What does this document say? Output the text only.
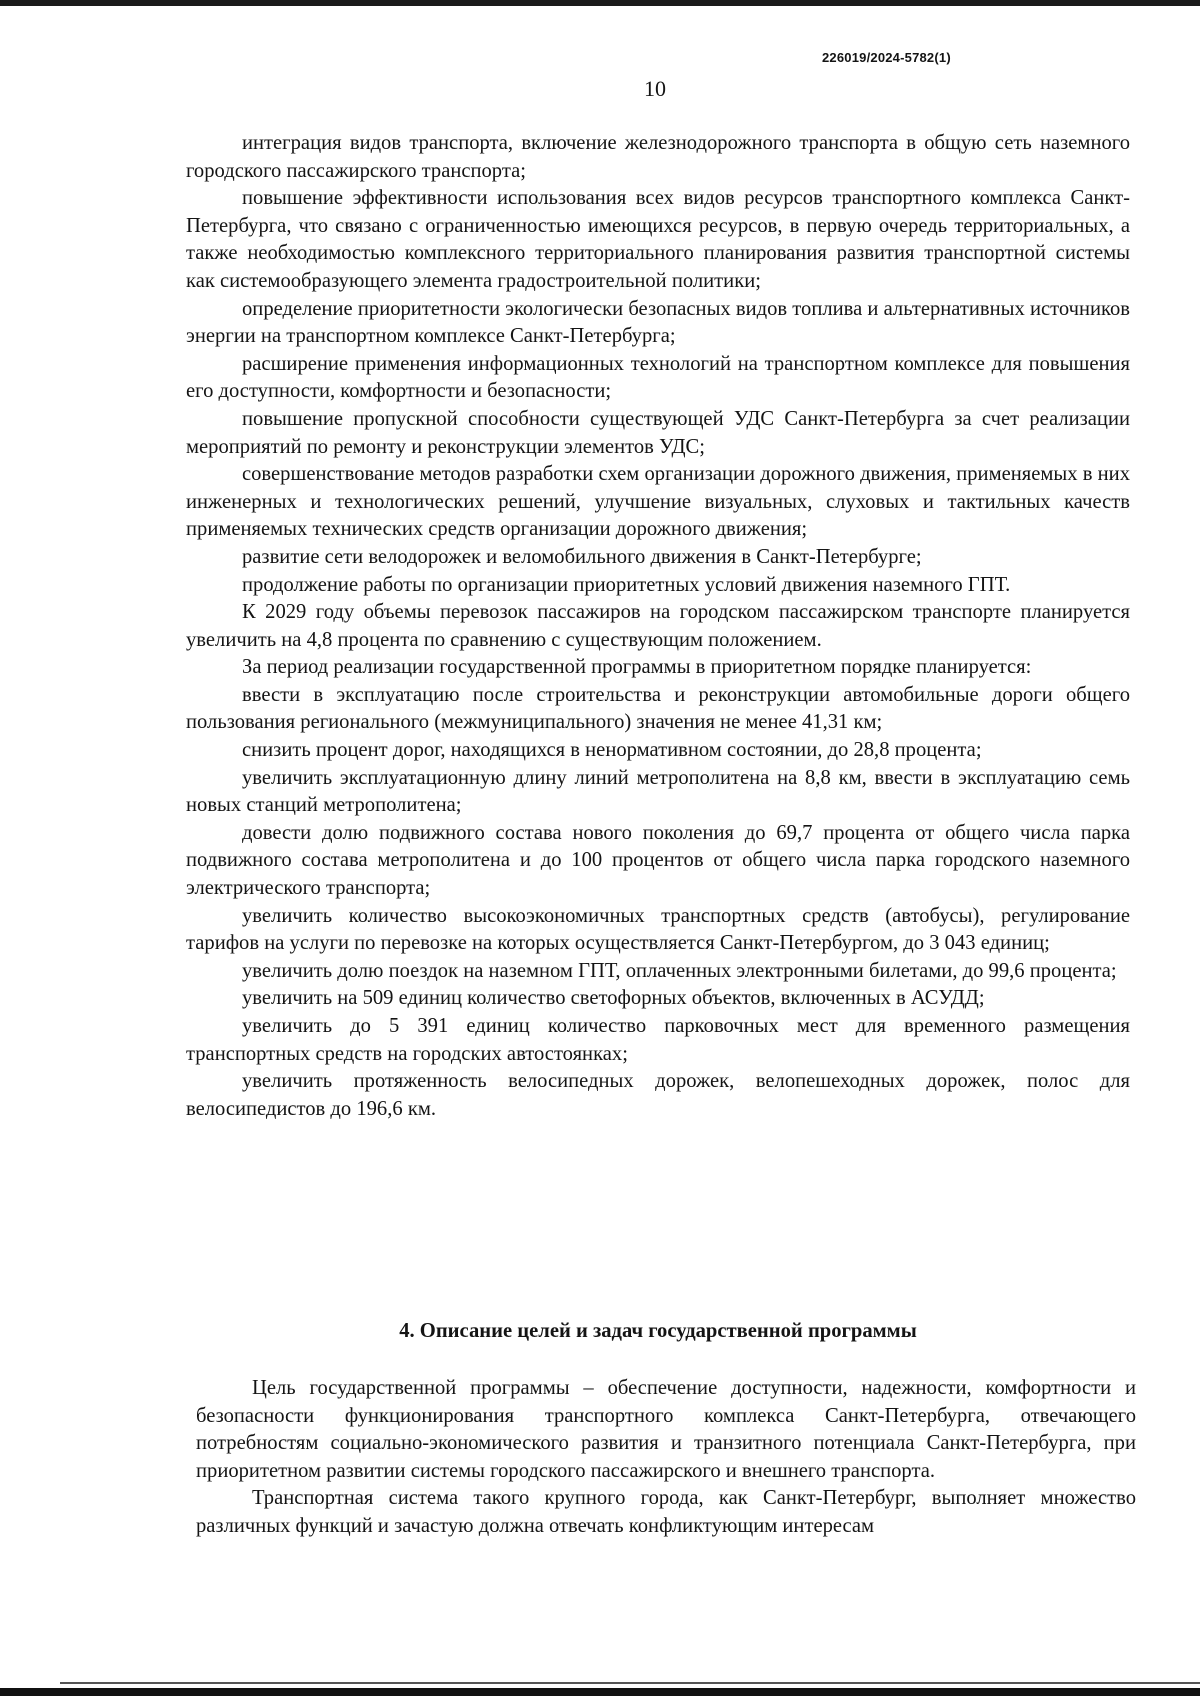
226019/2024-5782(1)
10

интеграция видов транспорта, включение железнодорожного транспорта в общую сеть наземного городского пассажирского транспорта;

повышение эффективности использования всех видов ресурсов транспортного комплекса Санкт-Петербурга, что связано с ограниченностью имеющихся ресурсов, в первую очередь территориальных, а также необходимостью комплексного территориального планирования развития транспортной системы как системообразующего элемента градостроительной политики;

определение приоритетности экологически безопасных видов топлива и альтернативных источников энергии на транспортном комплексе Санкт-Петербурга;

расширение применения информационных технологий на транспортном комплексе для повышения его доступности, комфортности и безопасности;

повышение пропускной способности существующей УДС Санкт-Петербурга за счет реализации мероприятий по ремонту и реконструкции элементов УДС;

совершенствование методов разработки схем организации дорожного движения, применяемых в них инженерных и технологических решений, улучшение визуальных, слуховых и тактильных качеств применяемых технических средств организации дорожного движения;

развитие сети велодорожек и веломобильного движения в Санкт-Петербурге;

продолжение работы по организации приоритетных условий движения наземного ГПТ.

К 2029 году объемы перевозок пассажиров на городском пассажирском транспорте планируется увеличить на 4,8 процента по сравнению с существующим положением.

За период реализации государственной программы в приоритетном порядке планируется:

ввести в эксплуатацию после строительства и реконструкции автомобильные дороги общего пользования регионального (межмуниципального) значения не менее 41,31 км;

снизить процент дорог, находящихся в ненормативном состоянии, до 28,8 процента;

увеличить эксплуатационную длину линий метрополитена на 8,8 км, ввести в эксплуатацию семь новых станций метрополитена;

довести долю подвижного состава нового поколения до 69,7 процента от общего числа парка подвижного состава метрополитена и до 100 процентов от общего числа парка городского наземного электрического транспорта;

увеличить количество высокоэкономичных транспортных средств (автобусы), регулирование тарифов на услуги по перевозке на которых осуществляется Санкт-Петербургом, до 3 043 единиц;

увеличить долю поездок на наземном ГПТ, оплаченных электронными билетами, до 99,6 процента;

увеличить на 509 единиц количество светофорных объектов, включенных в АСУДД;

увеличить до 5 391 единиц количество парковочных мест для временного размещения транспортных средств на городских автостоянках;

увеличить протяженность велосипедных дорожек, велопешеходных дорожек, полос для велосипедистов до 196,6 км.

4. Описание целей и задач государственной программы

Цель государственной программы – обеспечение доступности, надежности, комфортности и безопасности функционирования транспортного комплекса Санкт-Петербурга, отвечающего потребностям социально-экономического развития и транзитного потенциала Санкт-Петербурга, при приоритетном развитии системы городского пассажирского и внешнего транспорта.

Транспортная система такого крупного города, как Санкт-Петербург, выполняет множество различных функций и зачастую должна отвечать конфликтующим интересам
